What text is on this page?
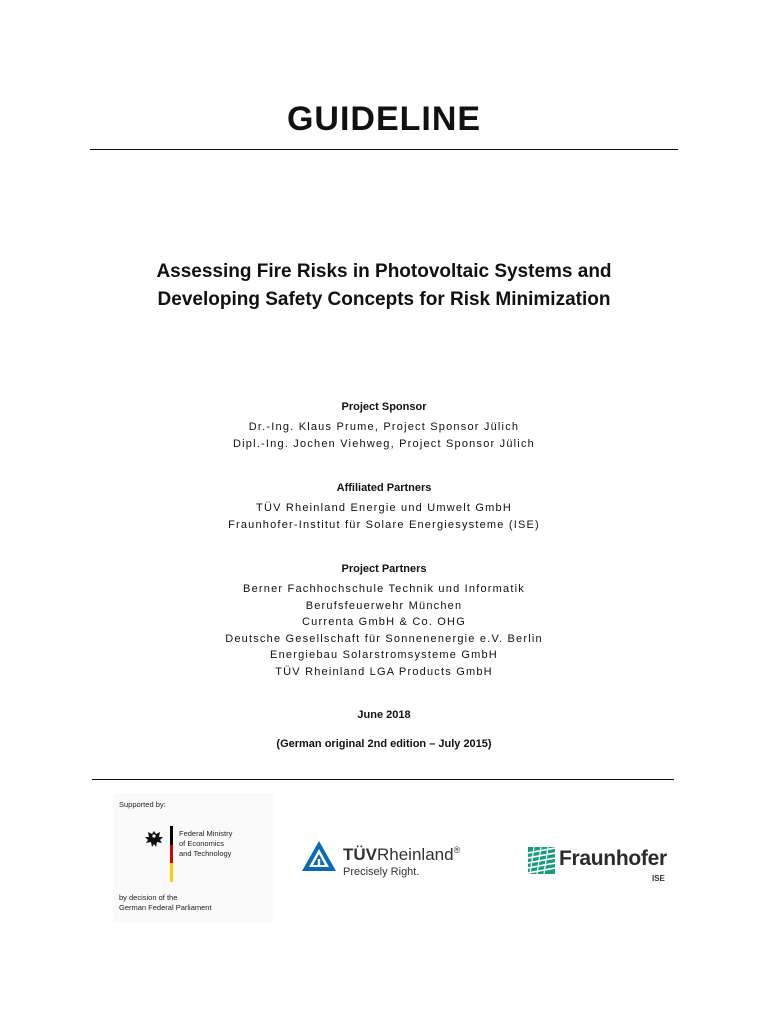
GUIDELINE
Assessing Fire Risks in Photovoltaic Systems and
Developing Safety Concepts for Risk Minimization
Project Sponsor
Dr.-Ing. Klaus Prume, Project Sponsor Jülich
Dipl.-Ing. Jochen Viehweg, Project Sponsor Jülich
Affiliated Partners
TÜV Rheinland Energie und Umwelt GmbH
Fraunhofer-Institut für Solare Energiesysteme (ISE)
Project Partners
Berner Fachhochschule Technik und Informatik
Berufsfeuerwehr München
Currenta GmbH & Co. OHG
Deutsche Gesellschaft für Sonnenenergie e.V. Berlin
Energiebau Solarstromsysteme GmbH
TÜV Rheinland LGA Products GmbH
June 2018
(German original 2nd edition – July 2015)
Supported by:
Federal Ministry
of Economics
and Technology
by decision of the
German Federal Parliament
TÜVRheinland®
Precisely Right.
Fraunhofer
ISE
